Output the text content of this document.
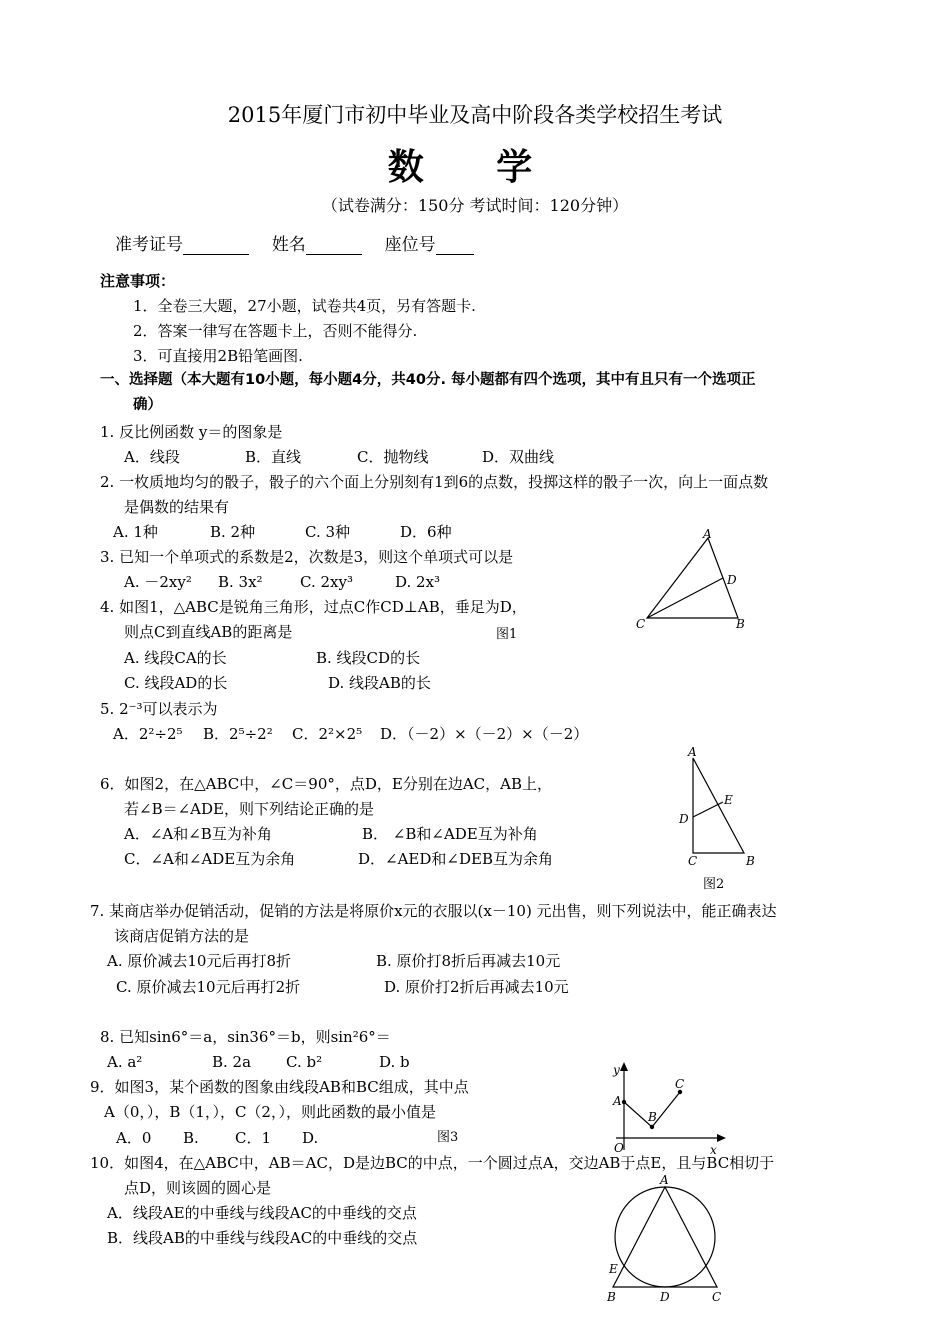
2015年厦门市初中毕业及高中阶段各类学校招生考试
数 学
（试卷满分：150分 考试时间：120分钟）
准考证号	姓名	座位号
注意事项：
1．全卷三大题，27小题，试卷共4页，另有答题卡.
2．答案一律写在答题卡上，否则不能得分.
3．可直接用2B铅笔画图.
一、选择题（本大题有10小题，每小题4分，共40分. 每小题都有四个选项，其中有且只有一个选项正
确）
1. 反比例函数 y＝的图象是
A．线段	B．直线	C．抛物线	D．双曲线
2. 一枚质地均匀的骰子，骰子的六个面上分别刻有1到6的点数，投掷这样的骰子一次，向上一面点数
是偶数的结果有
A. 1种	B. 2种	C. 3种	D．6种
3. 已知一个单项式的系数是2，次数是3，则这个单项式可以是
A. －2xy² B. 3x² C. 2xy³	D. 2x³
4. 如图1，△ABC是锐角三角形，过点C作CD⊥AB，垂足为D，
则点C到直线AB的距离是
A. 线段CA的长	B. 线段CD的长
C. 线段AD的长	D. 线段AB的长
A
D
C	B
图1
5. 2⁻³可以表示为
A．2²÷2⁵ B．2⁵÷2² C．2²×2⁵ D．（－2）×（－2）×（－2）
A
E
D
C	B
图2
6．如图2，在△ABC中，∠C＝90°，点D，E分别在边AC，AB上，
若∠B＝∠ADE，则下列结论正确的是
A．∠A和∠B互为补角	B． ∠B和∠ADE互为补角
C．∠A和∠ADE互为余角	D．∠AED和∠DEB互为余角
7. 某商店举办促销活动，促销的方法是将原价x元的衣服以(x－10) 元出售，则下列说法中，能正确表达
该商店促销方法的是
A. 原价减去10元后再打8折	B. 原价打8折后再减去10元
C. 原价减去10元后再打2折	D. 原价打2折后再减去10元
8. 已知sin6°＝a，sin36°＝b，则sin²6°＝
A. a²	B. 2a C. b²	D. b
9．如图3，某个函数的图象由线段AB和BC组成，其中点
A（0，），B（1，），C（2，），则此函数的最小值是
A．0 B. C．1 D.	图3
y
A
B
C
O	x
10．如图4，在△ABC中，AB＝AC，D是边BC的中点，一个圆过点A，交边AB于点E，且与BC相切于
点D，则该圆的圆心是
A．线段AE的中垂线与线段AC的中垂线的交点
B．线段AB的中垂线与线段AC的中垂线的交点
A
E
B	D	C
